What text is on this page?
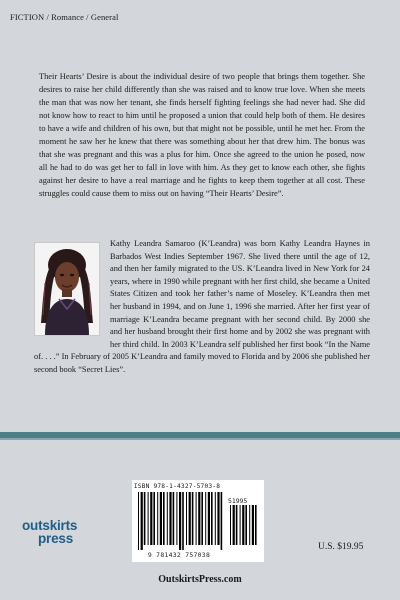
FICTION / Romance / General

Their Hearts’ Desire is about the individual desire of two people that brings them together. She desires to raise her child differently than she was raised and to know true love. When she meets the man that was now her tenant, she finds herself fighting feelings she had never had. She did not know how to react to him until he proposed a union that could help both of them. He desires to have a wife and children of his own, but that might not be possible, until he met her. From the moment he saw her he knew that there was something about her that drew him. The bonus was that she was pregnant and this was a plus for him. Once she agreed to the union he posed, now all he had to do was get her to fall in love with him. As they get to know each other, she fights against her desire to have a real marriage and he fights to keep them together at all cost. These struggles could cause them to miss out on having “Their Hearts’ Desire”.

Kathy Leandra Samaroo (K’Leandra) was born Kathy Leandra Haynes in Barbados West Indies September 1967. She lived there until the age of 12, and then her family migrated to the US. K’Leandra lived in New York for 24 years, where in 1990 while pregnant with her first child, she became a United States Citizen and took her father’s name of Moseley. K’Leandra then met her husband in 1994, and on June 1, 1996 she married. After her first year of marriage K’Leandra became pregnant with her second child. By 2000 she and her husband brought their first home and by 2002 she was pregnant with her third child. In 2003 K’Leandra self published her first book “In the Name of. . . .” In February of 2005 K’Leandra and family moved to Florida and by 2006 she published her second book “Secret Lies”.

ISBN 978-1-4327-5703-8
51995
9 781432 757038
outskirts
press
U.S. $19.95
OutskirtsPress.com
